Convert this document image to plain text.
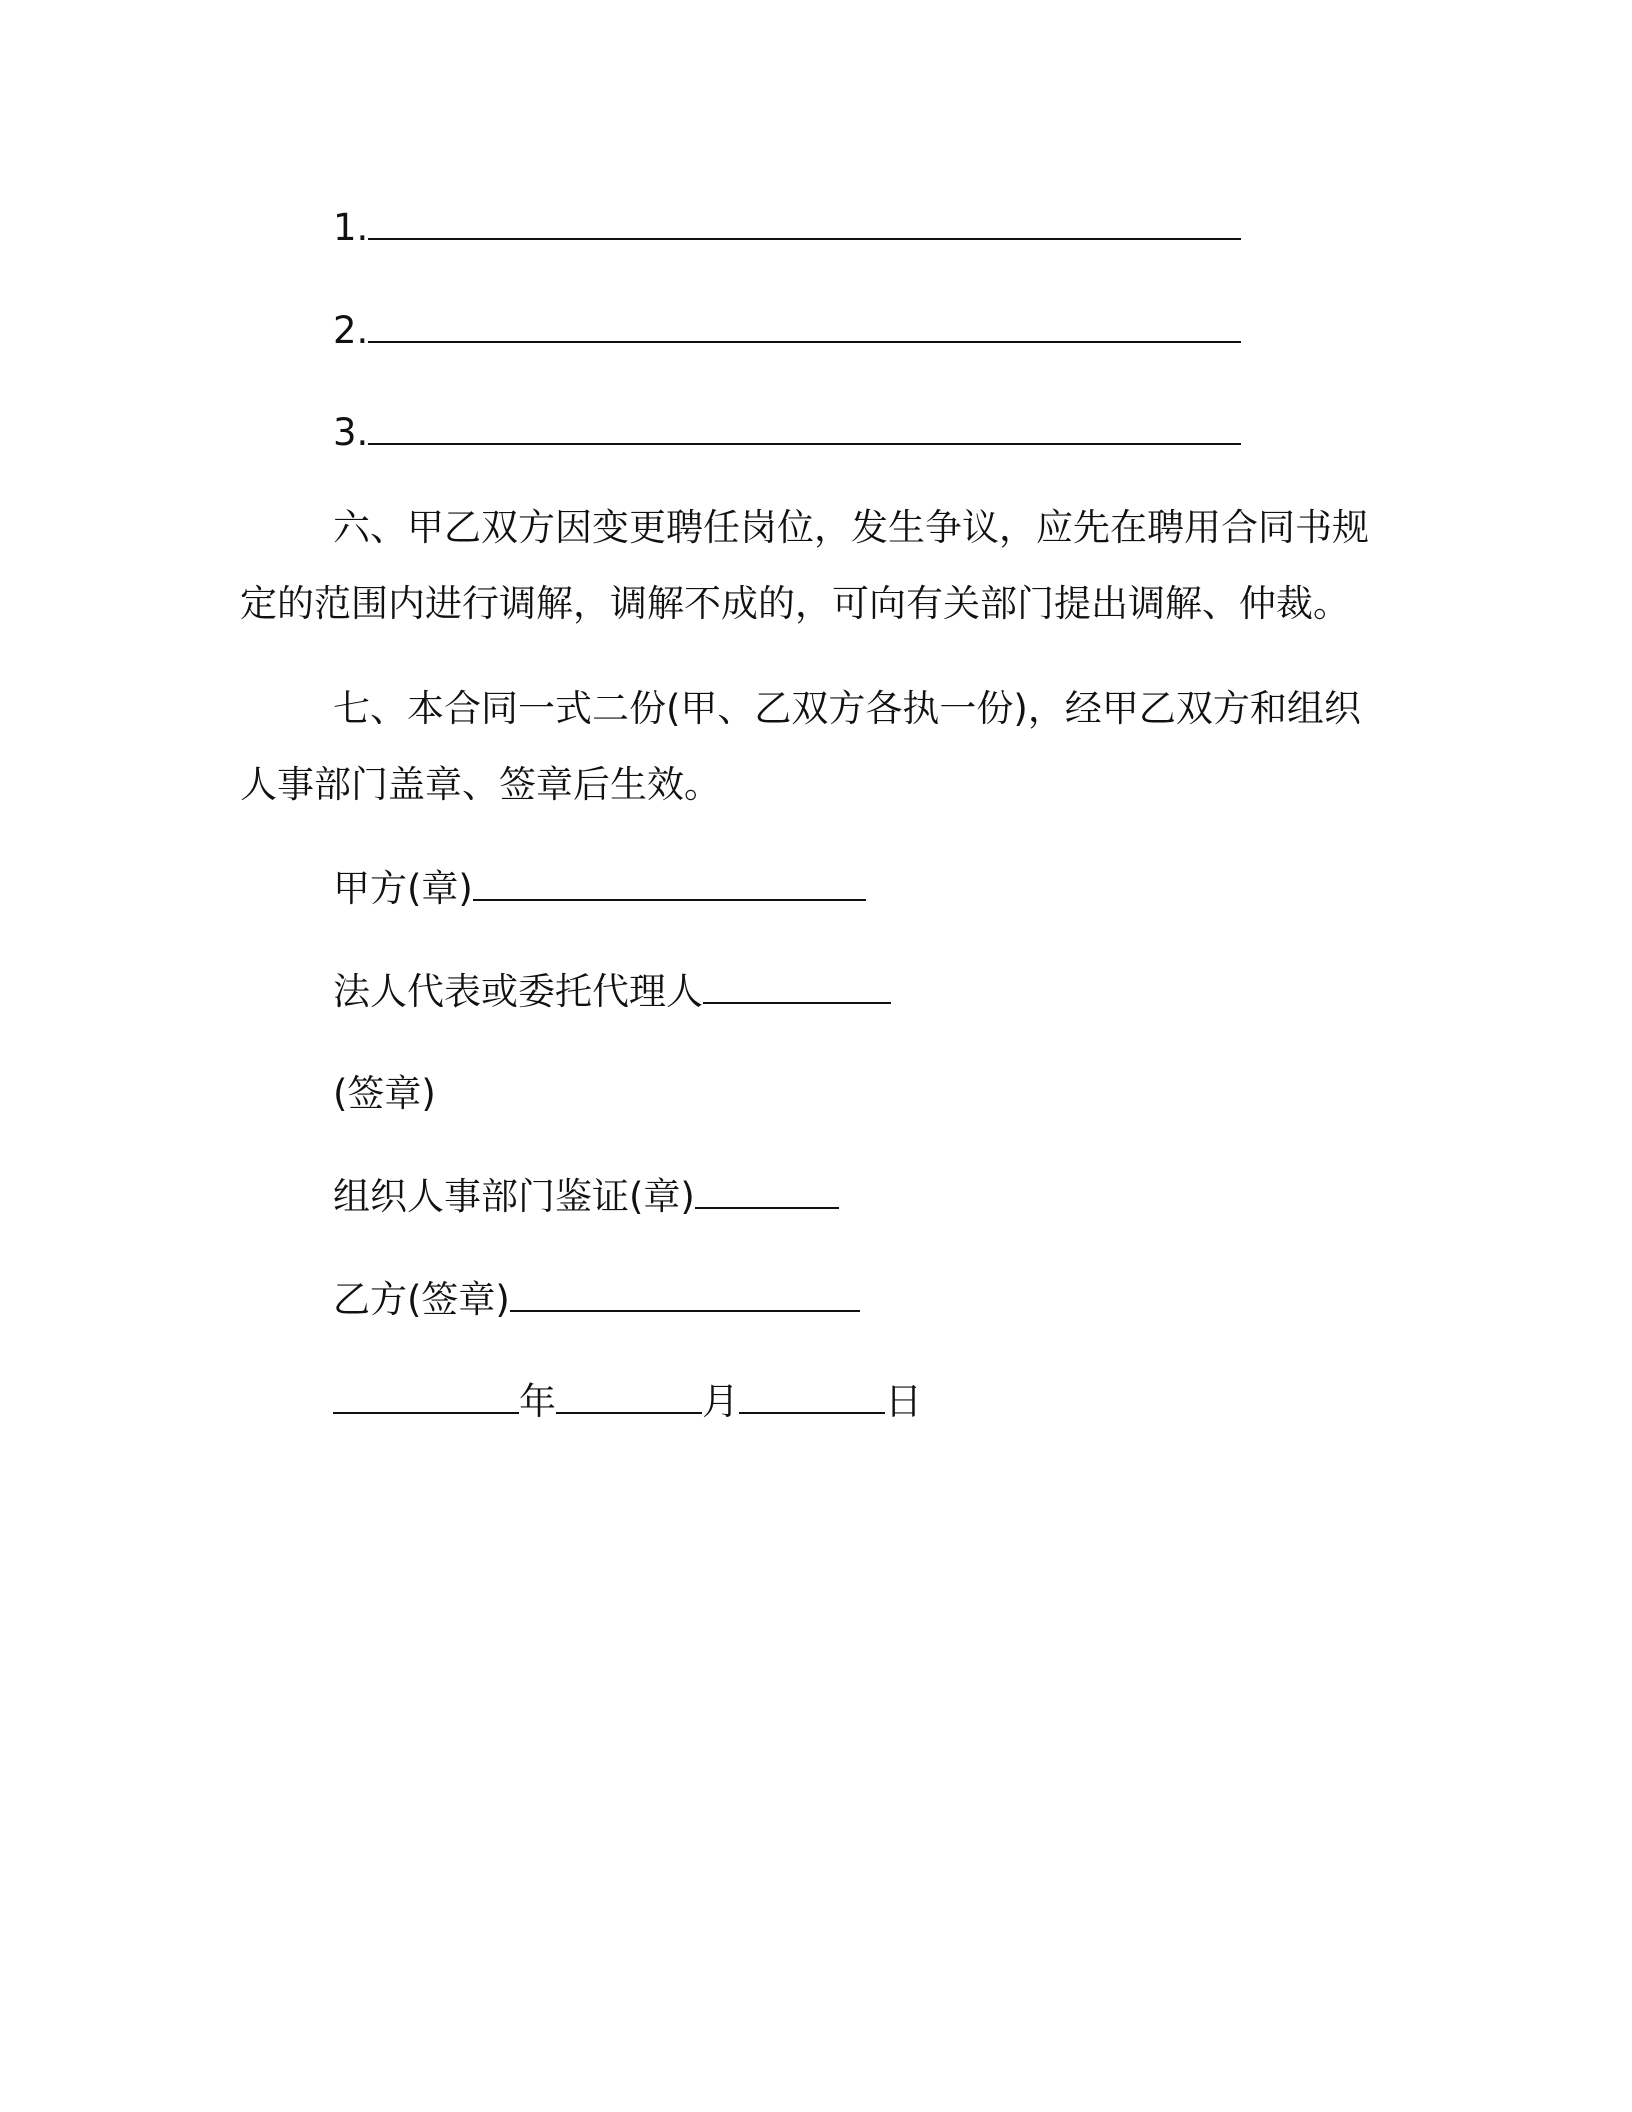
1.
2.
3.
六、甲乙双方因变更聘任岗位，发生争议，应先在聘用合同书规
定的范围内进行调解，调解不成的，可向有关部门提出调解、仲裁。
七、本合同一式二份(甲、乙双方各执一份)，经甲乙双方和组织
人事部门盖章、签章后生效。
甲方(章)
法人代表或委托代理人
(签章)
组织人事部门鉴证(章)
乙方(签章)
年	月	日
